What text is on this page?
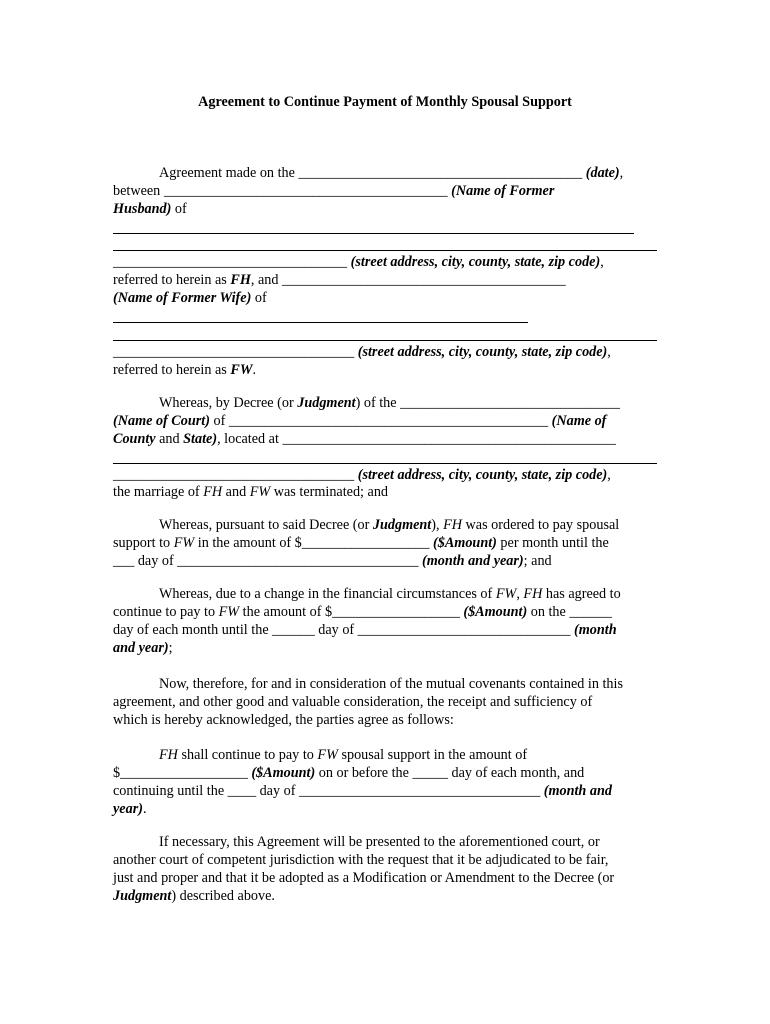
Agreement to Continue Payment of Monthly Spousal Support
Agreement made on the ________________________________________ (date),
between ________________________________________ (Name of Former
Husband) of
_________________________________ (street address, city, county, state, zip code),
referred to herein as FH, and ________________________________________
(Name of Former Wife) of
__________________________________ (street address, city, county, state, zip code),
referred to herein as FW.
Whereas, by Decree (or Judgment) of the _______________________________
(Name of Court) of _____________________________________________ (Name of
County and State), located at _______________________________________________
__________________________________ (street address, city, county, state, zip code),
the marriage of FH and FW was terminated; and
Whereas, pursuant to said Decree (or Judgment), FH was ordered to pay spousal
support to FW in the amount of $__________________ ($Amount) per month until the
___ day of __________________________________ (month and year); and
Whereas, due to a change in the financial circumstances of FW, FH has agreed to
continue to pay to FW the amount of $__________________ ($Amount) on the ______
day of each month until the ______ day of ______________________________ (month
and year);
Now, therefore, for and in consideration of the mutual covenants contained in this
agreement, and other good and valuable consideration, the receipt and sufficiency of
which is hereby acknowledged, the parties agree as follows:
FH shall continue to pay to FW spousal support in the amount of
$__________________ ($Amount) on or before the _____ day of each month, and
continuing until the ____ day of __________________________________ (month and
year).
If necessary, this Agreement will be presented to the aforementioned court, or
another court of competent jurisdiction with the request that it be adjudicated to be fair,
just and proper and that it be adopted as a Modification or Amendment to the Decree (or
Judgment) described above.
